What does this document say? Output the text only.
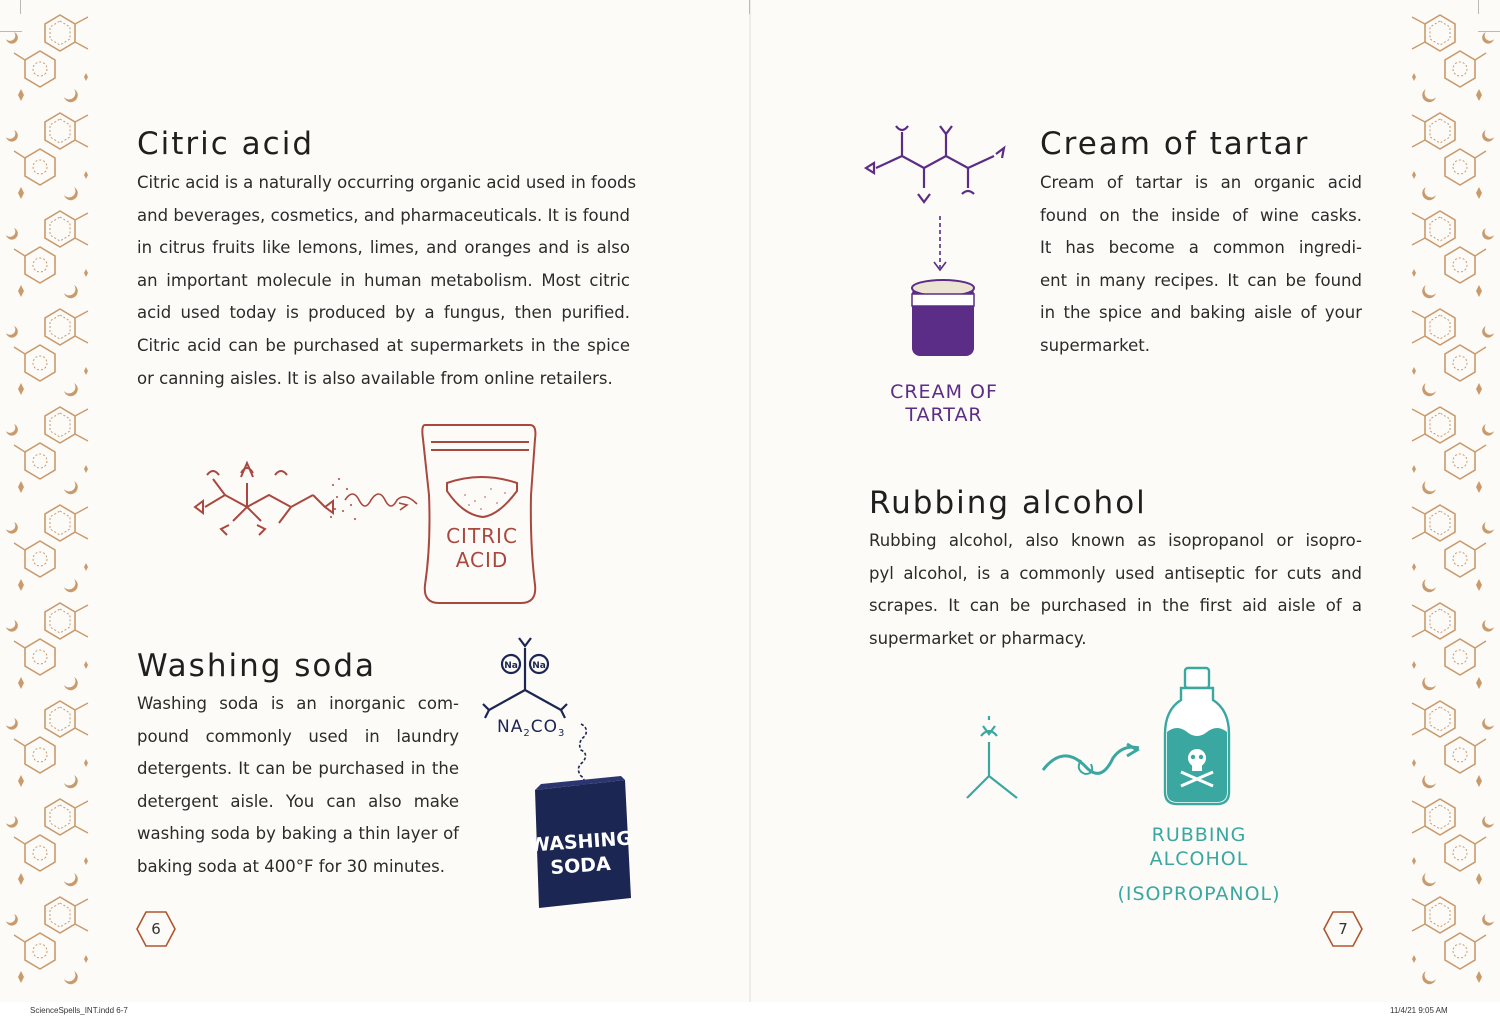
Citric acid
Citric acid is a naturally occurring organic acid used in foods
and beverages, cosmetics, and pharmaceuticals. It is found
in citrus fruits like lemons, limes, and oranges and is also
an important molecule in human metabolism. Most citric
acid used today is produced by a fungus, then purified.
Citric acid can be purchased at supermarkets in the spice
or canning aisles. It is also available from online retailers.
CITRIC
ACID
Washing soda
Washing soda is an inorganic com-
pound commonly used in laundry
detergents. It can be purchased in the
detergent aisle. You can also make
washing soda by baking a thin layer of
baking soda at 400°F for 30 minutes.
Na Na
$NA_2CO_3$
WASHING
SODA
6
CREAM OF
TARTAR
Cream of tartar
Cream of tartar is an organic acid
found on the inside of wine casks.
It has become a common ingredi-
ent in many recipes. It can be found
in the spice and baking aisle of your
supermarket.
Rubbing alcohol
Rubbing alcohol, also known as isopropanol or isopro-
pyl alcohol, is a commonly used antiseptic for cuts and
scrapes. It can be purchased in the first aid aisle of a
supermarket or pharmacy.
RUBBING
ALCOHOL
(ISOPROPANOL)
7
ScienceSpells_INT.indd 6-7	11/4/21 9:05 AM
